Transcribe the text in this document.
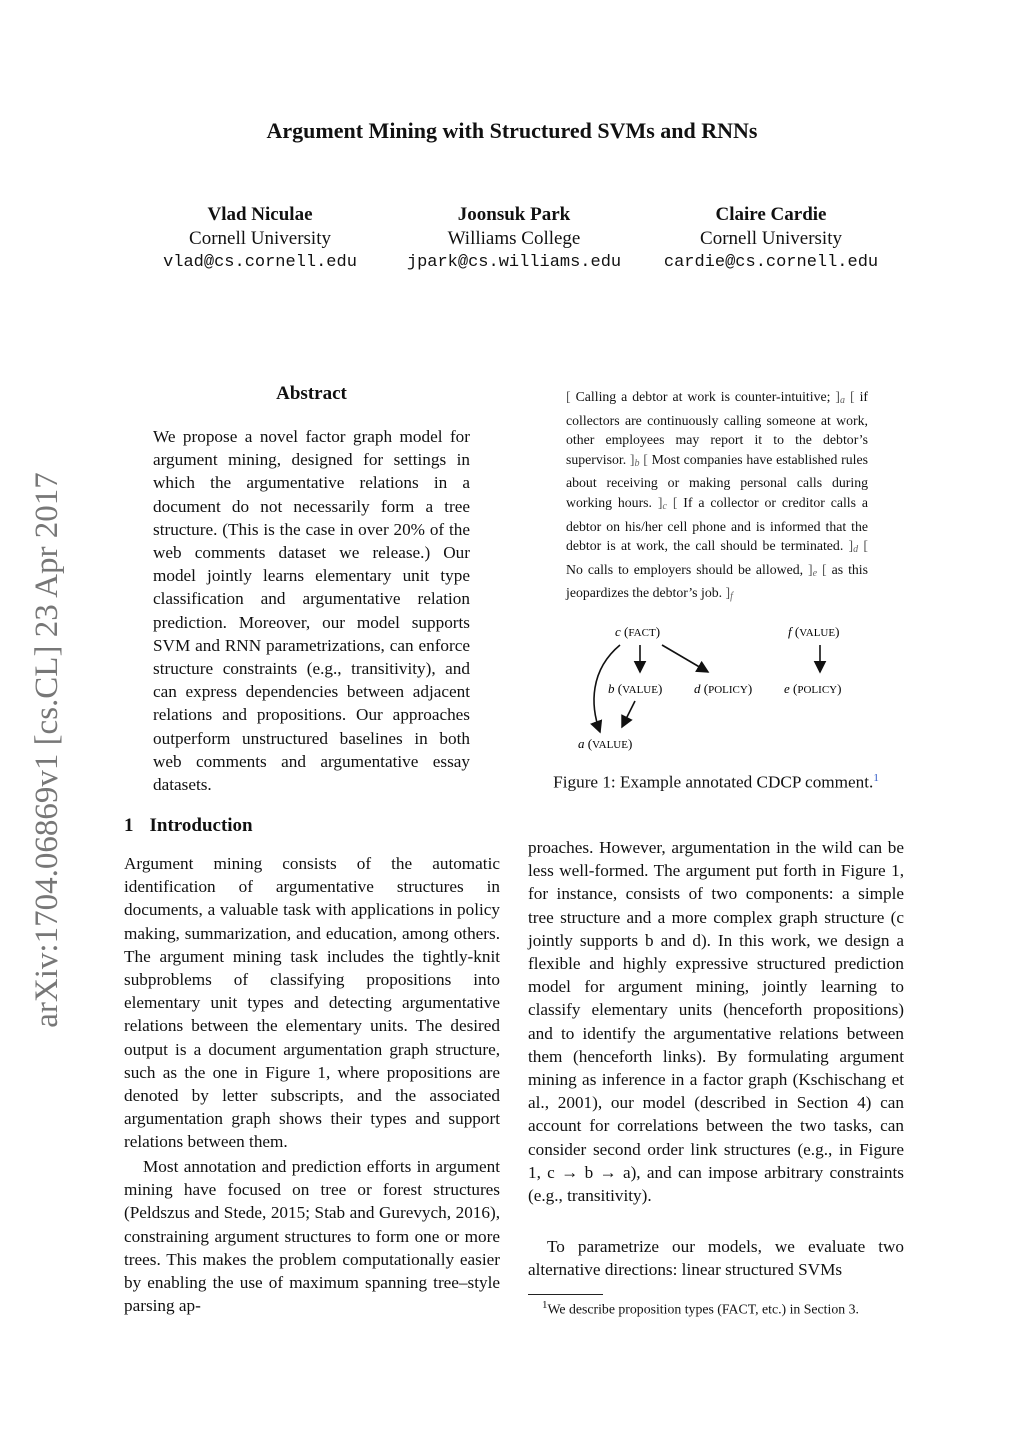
Argument Mining with Structured SVMs and RNNs
Vlad Niculae
Cornell University
vlad@cs.cornell.edu
Joonsuk Park
Williams College
jpark@cs.williams.edu
Claire Cardie
Cornell University
cardie@cs.cornell.edu
arXiv:1704.06869v1 [cs.CL] 23 Apr 2017
Abstract
We propose a novel factor graph model for argument mining, designed for settings in which the argumentative relations in a document do not necessarily form a tree structure. (This is the case in over 20% of the web comments dataset we release.) Our model jointly learns elementary unit type classification and argumentative relation prediction. Moreover, our model supports SVM and RNN parametrizations, can enforce structure constraints (e.g., transitivity), and can express dependencies between adjacent relations and propositions. Our approaches outperform unstructured baselines in both web comments and argumentative essay datasets.
1 Introduction
Argument mining consists of the automatic identification of argumentative structures in documents, a valuable task with applications in policy making, summarization, and education, among others. The argument mining task includes the tightly-knit subproblems of classifying propositions into elementary unit types and detecting argumentative relations between the elementary units. The desired output is a document argumentation graph structure, such as the one in Figure 1, where propositions are denoted by letter subscripts, and the associated argumentation graph shows their types and support relations between them.
Most annotation and prediction efforts in argument mining have focused on tree or forest structures (Peldszus and Stede, 2015; Stab and Gurevych, 2016), constraining argument structures to form one or more trees. This makes the problem computationally easier by enabling the use of maximum spanning tree–style parsing ap-
[ Calling a debtor at work is counter-intuitive; ]$_a$ [ if collectors are continuously calling someone at work, other employees may report it to the debtor’s supervisor. ]$_b$ [ Most companies have established rules about receiving or making personal calls during working hours. ]$_c$ [ If a collector or creditor calls a debtor on his/her cell phone and is informed that the debtor is at work, the call should be terminated. ]$_d$ [ No calls to employers should be allowed, ]$_e$ [ as this jeopardizes the debtor’s job. ]$_f$
c (FACT)	f (VALUE)
b (VALUE) d (POLICY) e (POLICY)
a (VALUE)
Figure 1: Example annotated CDCP comment.$^1$
proaches. However, argumentation in the wild can be less well-formed. The argument put forth in Figure 1, for instance, consists of two components: a simple tree structure and a more complex graph structure (c jointly supports b and d). In this work, we design a flexible and highly expressive structured prediction model for argument mining, jointly learning to classify elementary units (henceforth propositions) and to identify the argumentative relations between them (henceforth links). By formulating argument mining as inference in a factor graph (Kschischang et al., 2001), our model (described in Section 4) can account for correlations between the two tasks, can consider second order link structures (e.g., in Figure 1, c → b → a), and can impose arbitrary constraints (e.g., transitivity).
To parametrize our models, we evaluate two alternative directions: linear structured SVMs
$^1$We describe proposition types (FACT, etc.) in Section 3.
